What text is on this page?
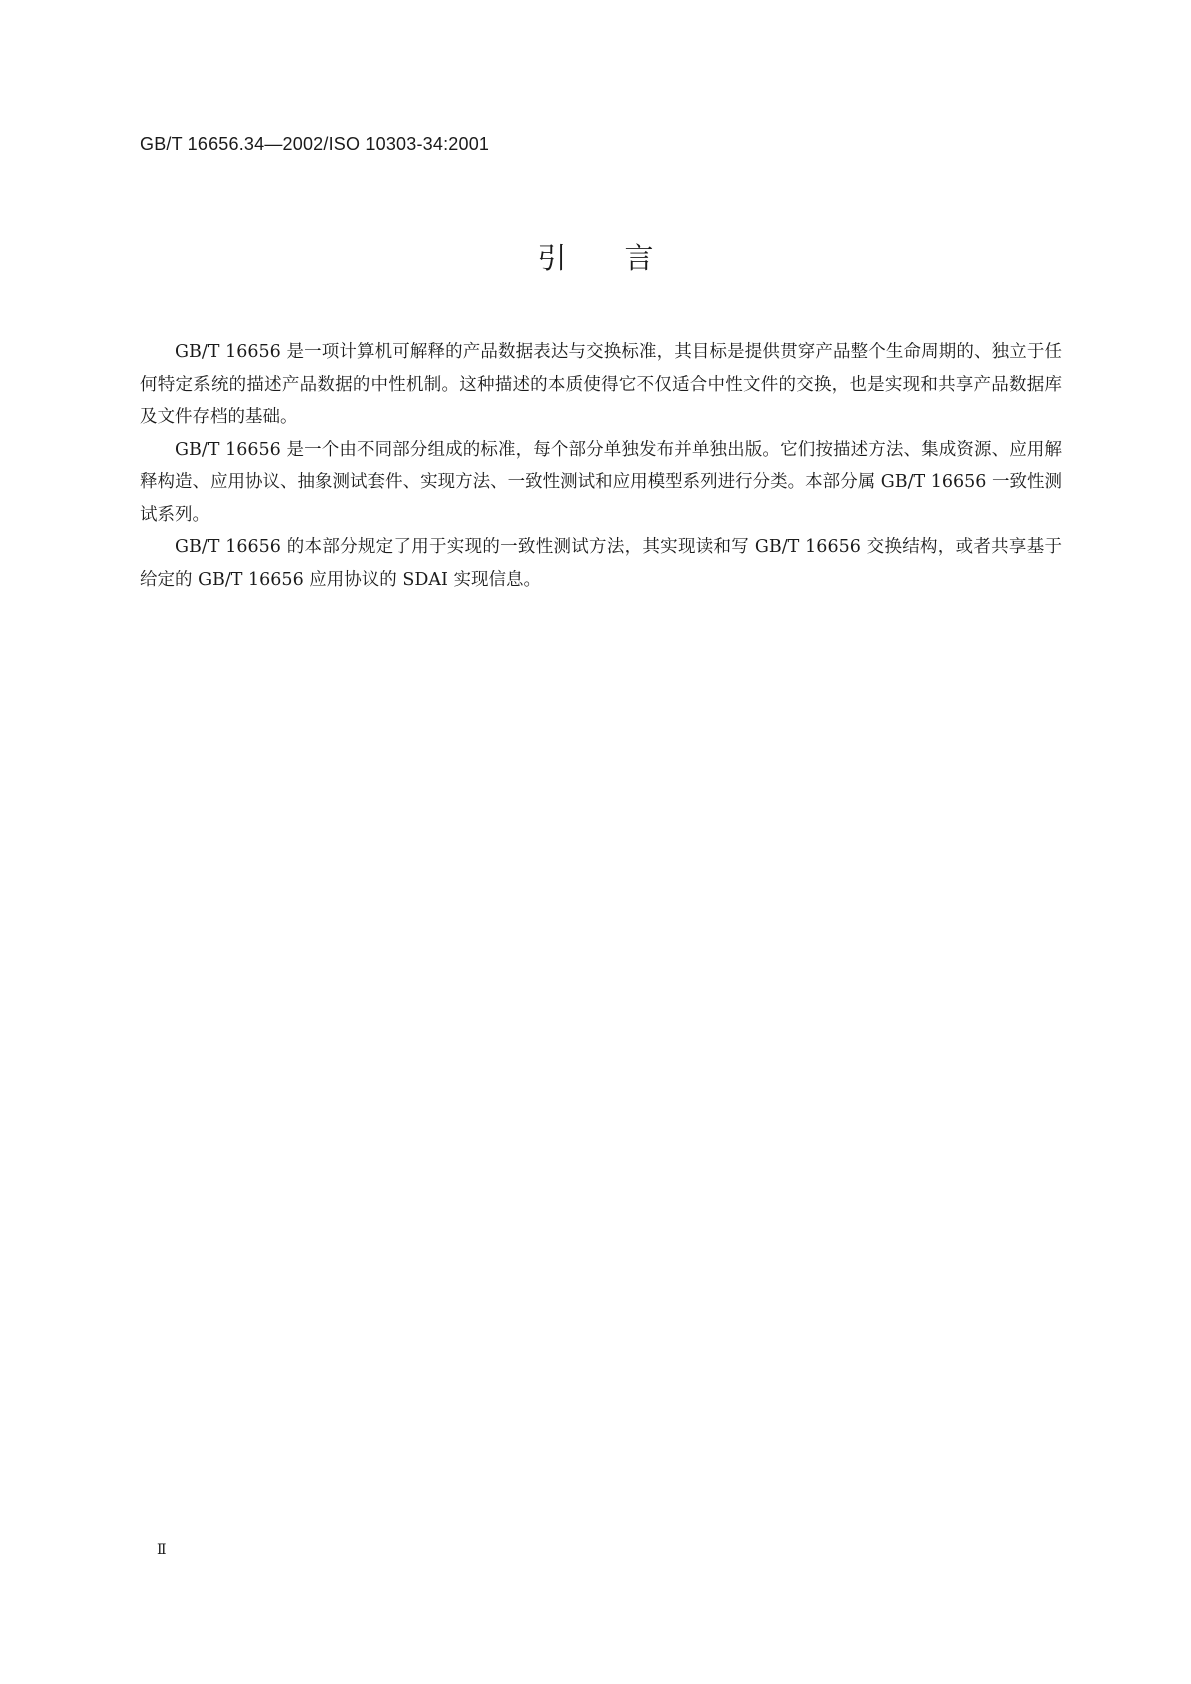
GB/T 16656.34—2002/ISO 10303-34:2001
引言

GB/T 16656 是一项计算机可解释的产品数据表达与交换标准，其目标是提供贯穿产品整个生命周期的、独立于任何特定系统的描述产品数据的中性机制。这种描述的本质使得它不仅适合中性文件的交换，也是实现和共享产品数据库及文件存档的基础。

GB/T 16656 是一个由不同部分组成的标准，每个部分单独发布并单独出版。它们按描述方法、集成资源、应用解释构造、应用协议、抽象测试套件、实现方法、一致性测试和应用模型系列进行分类。本部分属 GB/T 16656 一致性测试系列。

GB/T 16656 的本部分规定了用于实现的一致性测试方法，其实现读和写 GB/T 16656 交换结构，或者共享基于给定的 GB/T 16656 应用协议的 SDAI 实现信息。

Ⅱ
